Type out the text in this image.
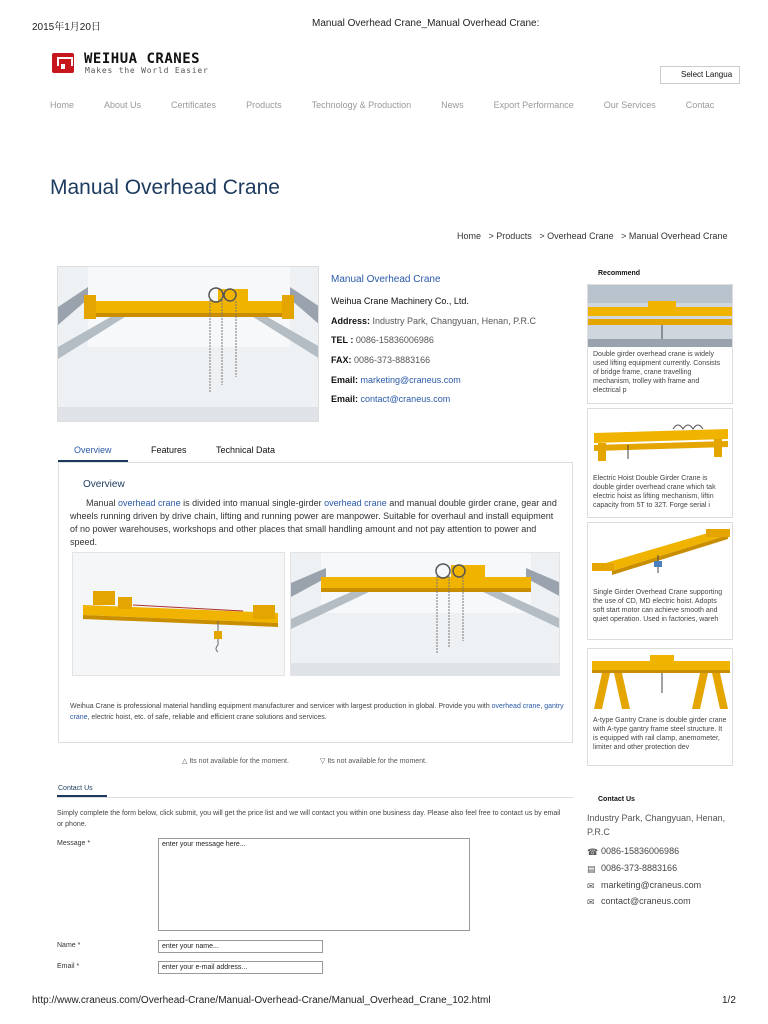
2015年1月20日	Manual Overhead Crane_Manual Overhead Crane:
WEIHUA CRANES
Makes the World Easier	Select Langua
Home	About Us	Certificates	Products	Technology & Production	News	Export Performance	Our Services	Contac
Manual Overhead Crane
Home > Products > Overhead Crane > Manual Overhead Crane
Manual Overhead Crane
Weihua Crane Machinery Co., Ltd.
Address: Industry Park, Changyuan, Henan, P.R.C
TEL : 0086-15836006986
FAX: 0086-373-8883166
Email: marketing@craneus.com
Email: contact@craneus.com
Overview	Features	Technical Data
Overview
Manual overhead crane is divided into manual single-girder overhead crane and manual double girder crane, gear and wheels running driven by drive chain, lifting and running power are manpower. Suitable for overhaul and install equipment of no power warehouses, workshops and other places that small handling amount and not pay attention to power and speed.
Weihua Crane is professional material handling equipment manufacturer and servicer with largest production in global. Provide you with overhead crane, gantry crane, electric hoist, etc. of safe, reliable and efficient crane solutions and services.
△ Its not available for the moment.	▽ Its not available for the moment.
Contact Us
Simply complete the form below, click submit, you will get the price list and we will contact you within one business day. Please also feel free to contact us by email or phone.
Message *
enter your message here...
Name *	enter your name...
Email *	enter your e-mail address...
Recommend
Double girder overhead crane is widely used lifting equipment currently. Consists of bridge frame, crane travelling mechanism, trolley with frame and electrical p
Electric Hoist Double Girder Crane is double girder overhead crane which tak electric hoist as lifting mechanism, liftin capacity from 5T to 32T. Forge serial i
Single Girder Overhead Crane supporting the use of CD, MD electric hoist. Adopts soft start motor can achieve smooth and quiet operation. Used in factories, wareh
A-type Gantry Crane is double girder crane with A-type gantry frame steel structure. It is equipped with rail clamp, anemometer, limiter and other protection dev
Contact Us
Industry Park, Changyuan, Henan, P.R.C
☎ 0086-15836006986
▤ 0086-373-8883166
✉ marketing@craneus.com
✉ contact@craneus.com
http://www.craneus.com/Overhead-Crane/Manual-Overhead-Crane/Manual_Overhead_Crane_102.html	1/2
